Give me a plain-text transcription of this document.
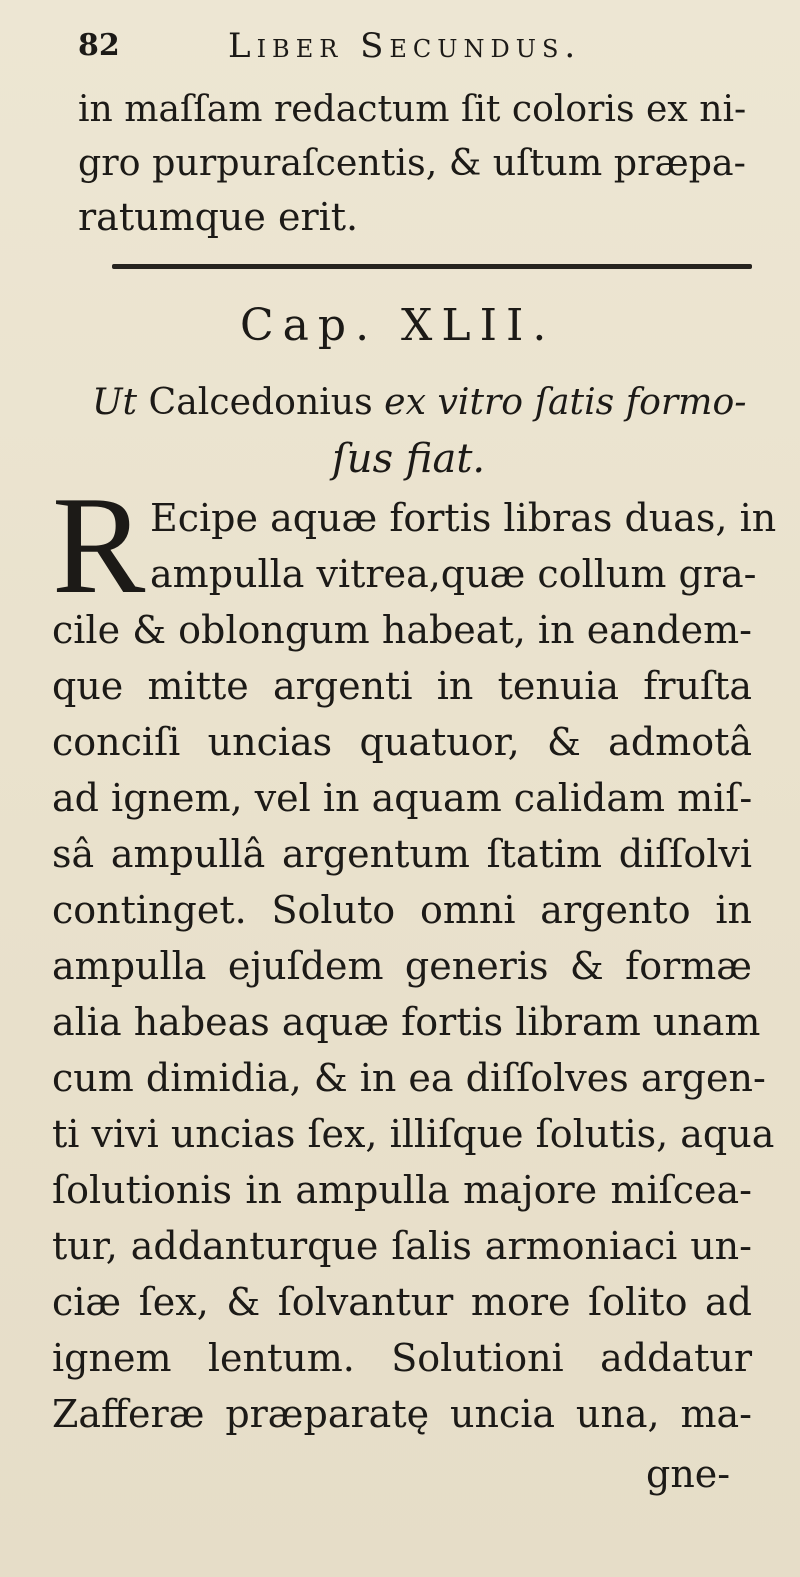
82	Liber Secundus.
in maſſam redactum ſit coloris ex ni-
gro purpuraſcentis, & uſtum præpa-
ratumque erit.
Cap. XLII.
Ut Calcedonius ex vitro ſatis formo-
ſus fiat.
R Ecipe aquæ fortis libras duas, in
ampulla vitrea,quæ collum gra-
cile & oblongum habeat, in eandem-
que mitte argenti in tenuia fruſta
conciſi uncias quatuor, & admotâ
ad ignem, vel in aquam calidam miſ-
sâ ampullâ argentum ſtatim diſſolvi
continget. Soluto omni argento in
ampulla ejuſdem generis & formæ
alia habeas aquæ fortis libram unam
cum dimidia, & in ea diſſolves argen-
ti vivi uncias ſex, illiſque ſolutis, aqua
ſolutionis in ampulla majore miſcea-
tur, addanturque ſalis armoniaci un-
ciæ ſex, & ſolvantur more ſolito ad
ignem lentum. Solutioni addatur
Zafferæ præparatę uncia una, ma-
gne-
